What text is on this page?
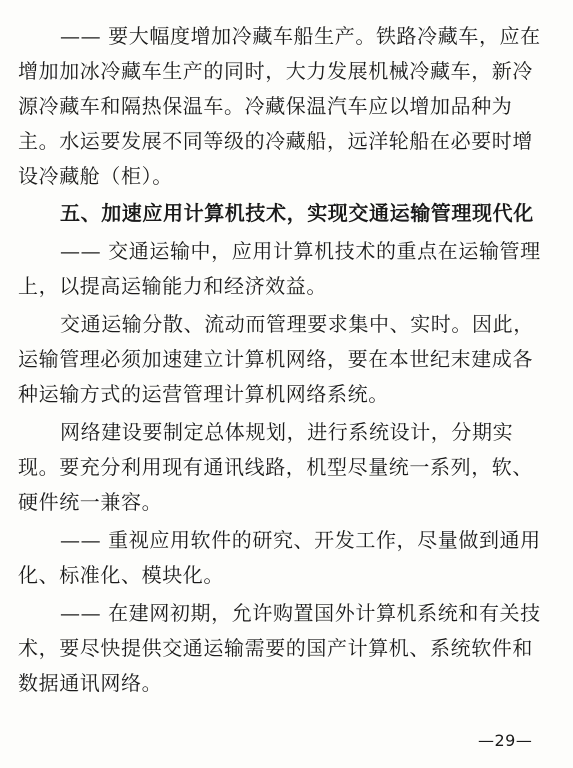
—— 要大幅度增加冷藏车船生产。铁路冷藏车，应在
增加加冰冷藏车生产的同时，大力发展机械冷藏车，新冷
源冷藏车和隔热保温车。冷藏保温汽车应以增加品种为
主。水运要发展不同等级的冷藏船，远洋轮船在必要时增
设冷藏舱（柜）。
五、加速应用计算机技术，实现交通运输管理现代化
—— 交通运输中，应用计算机技术的重点在运输管理
上，以提高运输能力和经济效益。
交通运输分散、流动而管理要求集中、实时。因此，
运输管理必须加速建立计算机网络，要在本世纪末建成各
种运输方式的运营管理计算机网络系统。
网络建设要制定总体规划，进行系统设计，分期实
现。要充分利用现有通讯线路，机型尽量统一系列，软、
硬件统一兼容。
—— 重视应用软件的研究、开发工作，尽量做到通用
化、标准化、模块化。
—— 在建网初期，允许购置国外计算机系统和有关技
术，要尽快提供交通运输需要的国产计算机、系统软件和
数据通讯网络。
—29—
